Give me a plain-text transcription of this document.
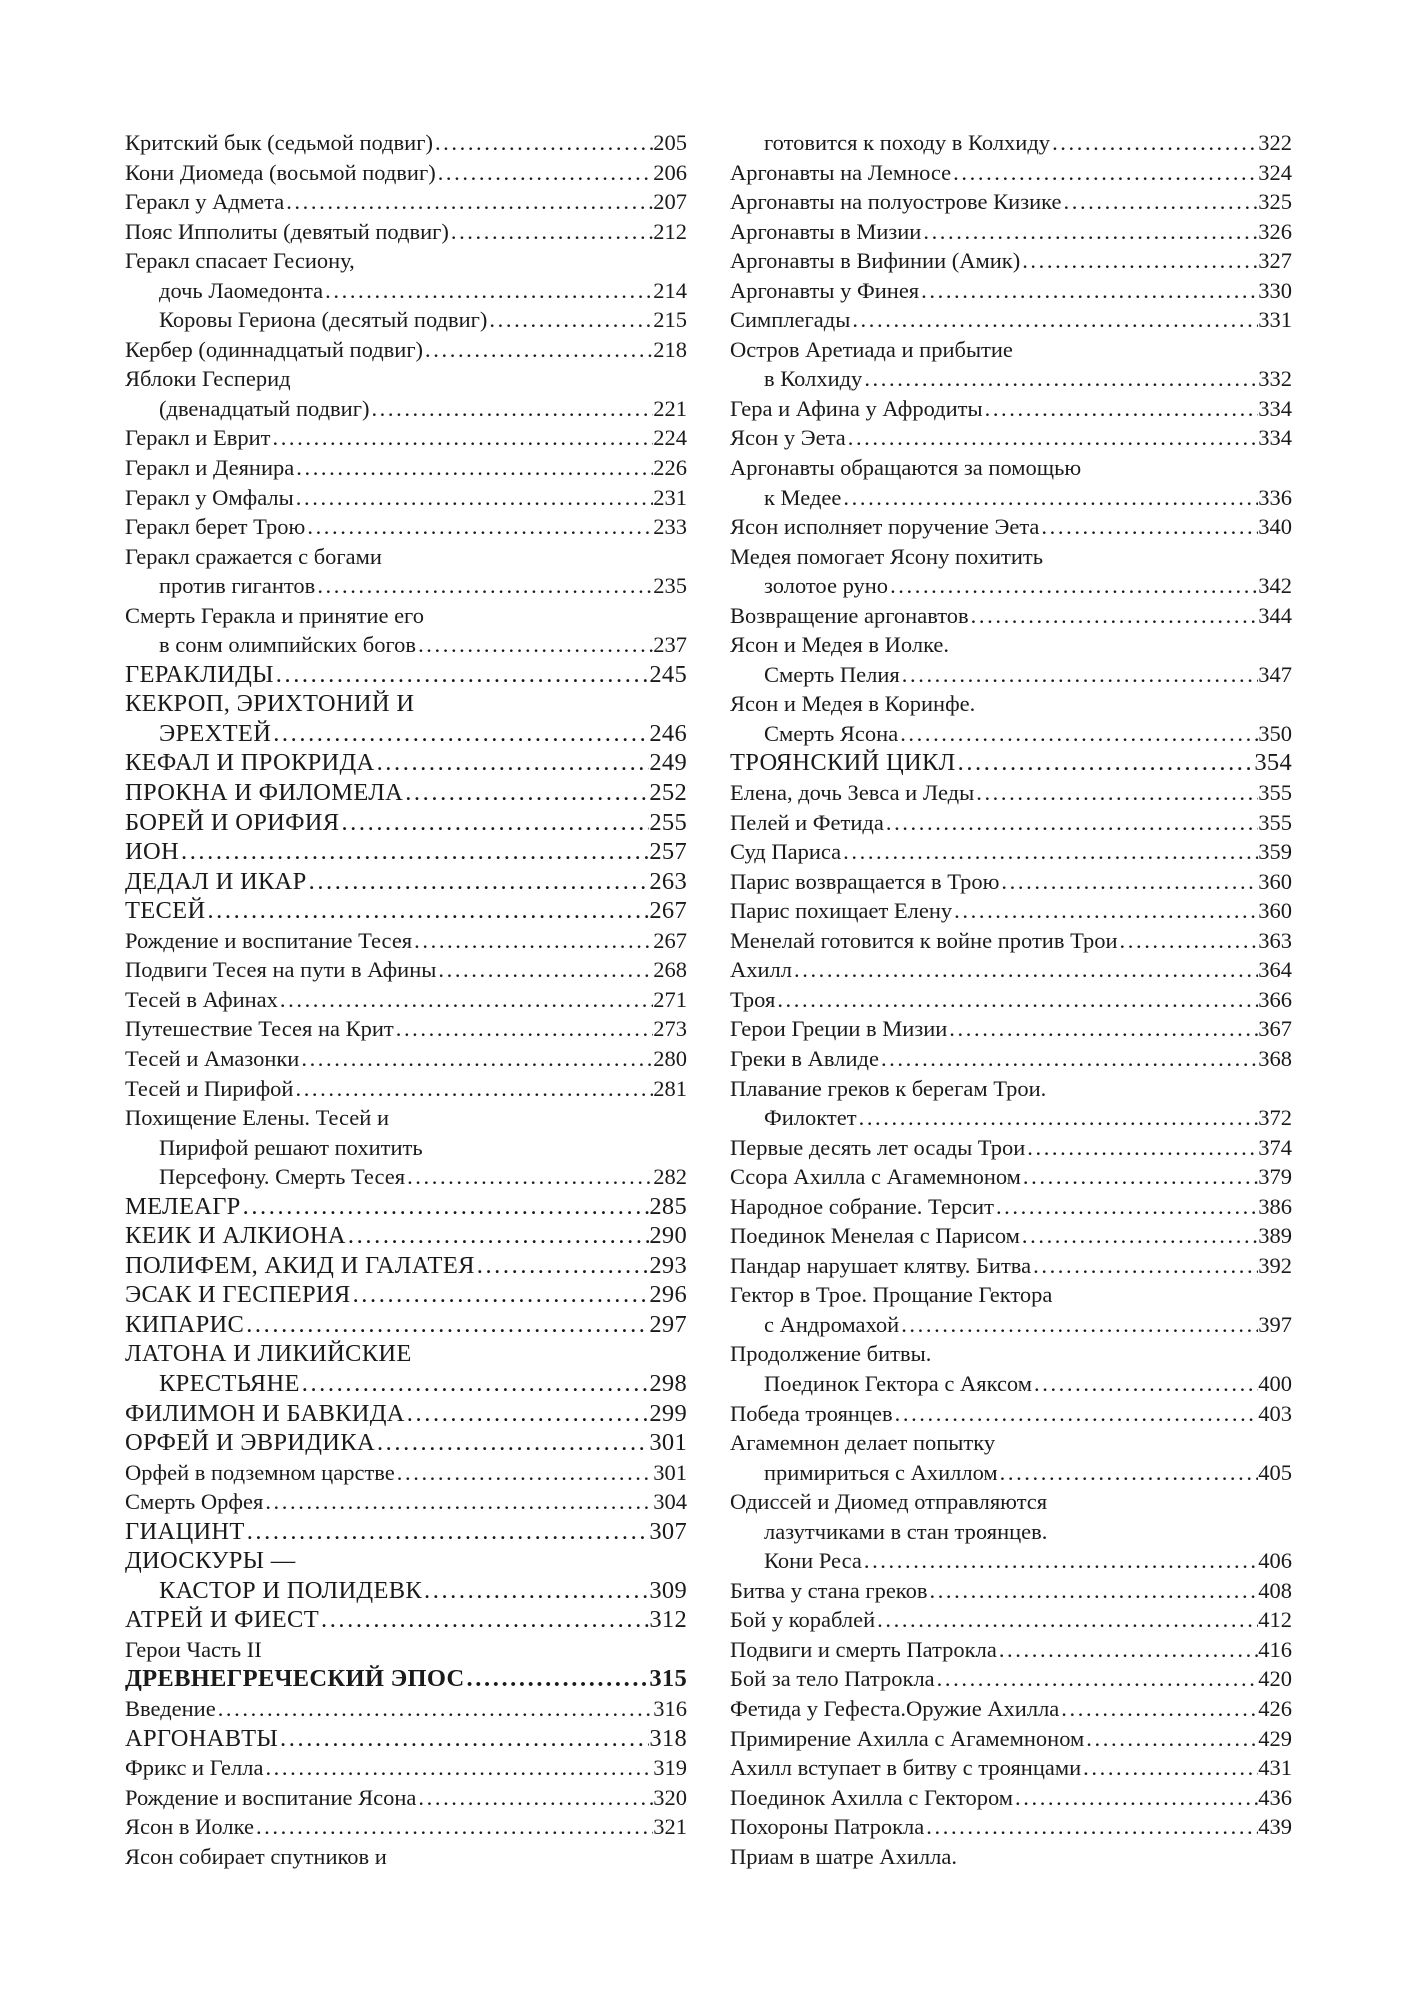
Критский бык (седьмой подвиг) .....	205
Кони Диомеда (восьмой подвиг) .....	206
Геракл у Адмета .....	207
Пояс Ипполиты (девятый подвиг) .....	212
Геракл спасает Гесиону,
дочь Лаомедонта .....	214
Коровы Гериона (десятый подвиг) .....	215
Кербер (одиннадцатый подвиг) .....	218
Яблоки Гесперид
(двенадцатый подвиг) .....	221
Геракл и Еврит .....	224
Геракл и Деянира .....	226
Геракл у Омфалы .....	231
Геракл берет Трою .....	233
Геракл сражается с богами
против гигантов .....	235
Смерть Геракла и принятие его
в сонм олимпийских богов .....	237
ГЕРАКЛИДЫ .....	245
КЕКРОП, ЭРИХТОНИЙ И
ЭРЕХТЕЙ .....	246
КЕФАЛ И ПРОКРИДА .....	249
ПРОКНА И ФИЛОМЕЛА .....	252
БОРЕЙ И ОРИФИЯ .....	255
ИОН .....	257
ДЕДАЛ И ИКАР .....	263
ТЕСЕЙ .....	267
Рождение и воспитание Тесея .....	267
Подвиги Тесея на пути в Афины .....	268
Тесей в Афинах .....	271
Путешествие Тесея на Крит .....	273
Тесей и Амазонки .....	280
Тесей и Пирифой .....	281
Похищение Елены. Тесей и
Пирифой решают похитить
Персефону. Смерть Тесея .....	282
МЕЛЕАГР .....	285
КЕИК И АЛКИОНА .....	290
ПОЛИФЕМ, АКИД И ГАЛАТЕЯ .....	293
ЭСАК И ГЕСПЕРИЯ .....	296
КИПАРИС .....	297
ЛАТОНА И ЛИКИЙСКИЕ
КРЕСТЬЯНЕ .....	298
ФИЛИМОН И БАВКИДА .....	299
ОРФЕЙ И ЭВРИДИКА .....	301
Орфей в подземном царстве .....	301
Смерть Орфея .....	304
ГИАЦИНТ .....	307
ДИОСКУРЫ —
КАСТОР И ПОЛИДЕВК .....	309
АТРЕЙ И ФИЕСТ .....	312
Герои Часть II
ДРЕВНЕГРЕЧЕСКИЙ ЭПОС .....	315
Введение .....	316
АРГОНАВТЫ .....	318
Фрикс и Гелла .....	319
Рождение и воспитание Ясона .....	320
Ясон в Иолке .....	321
Ясон собирает спутников и
готовится к походу в Колхиду .....	322
Аргонавты на Лемносе .....	324
Аргонавты на полуострове Кизике .....	325
Аргонавты в Мизии .....	326
Аргонавты в Вифинии (Амик) .....	327
Аргонавты у Финея .....	330
Симплегады .....	331
Остров Аретиада и прибытие
в Колхиду .....	332
Гера и Афина у Афродиты .....	334
Ясон у Эета .....	334
Аргонавты обращаются за помощью
к Медее .....	336
Ясон исполняет поручение Эета .....	340
Медея помогает Ясону похитить
золотое руно .....	342
Возвращение аргонавтов .....	344
Ясон и Медея в Иолке.
Смерть Пелия .....	347
Ясон и Медея в Коринфе.
Смерть Ясона .....	350
ТРОЯНСКИЙ ЦИКЛ .....	354
Елена, дочь Зевса и Леды .....	355
Пелей и Фетида .....	355
Суд Париса .....	359
Парис возвращается в Трою .....	360
Парис похищает Елену .....	360
Менелай готовится к войне против Трои .....	363
Ахилл .....	364
Троя .....	366
Герои Греции в Мизии .....	367
Греки в Авлиде .....	368
Плавание греков к берегам Трои.
Филоктет .....	372
Первые десять лет осады Трои .....	374
Ссора Ахилла с Агамемноном .....	379
Народное собрание. Терсит .....	386
Поединок Менелая с Парисом .....	389
Пандар нарушает клятву. Битва .....	392
Гектор в Трое. Прощание Гектора
с Андромахой .....	397
Продолжение битвы.
Поединок Гектора с Аяксом .....	400
Победа троянцев .....	403
Агамемнон делает попытку
примириться с Ахиллом .....	405
Одиссей и Диомед отправляются
лазутчиками в стан троянцев.
Кони Реса .....	406
Битва у стана греков .....	408
Бой у кораблей .....	412
Подвиги и смерть Патрокла .....	416
Бой за тело Патрокла .....	420
Фетида у Гефеста.Оружие Ахилла .....	426
Примирение Ахилла с Агамемноном .....	429
Ахилл вступает в битву с троянцами .....	431
Поединок Ахилла с Гектором .....	436
Похороны Патрокла .....	439
Приам в шатре Ахилла.
